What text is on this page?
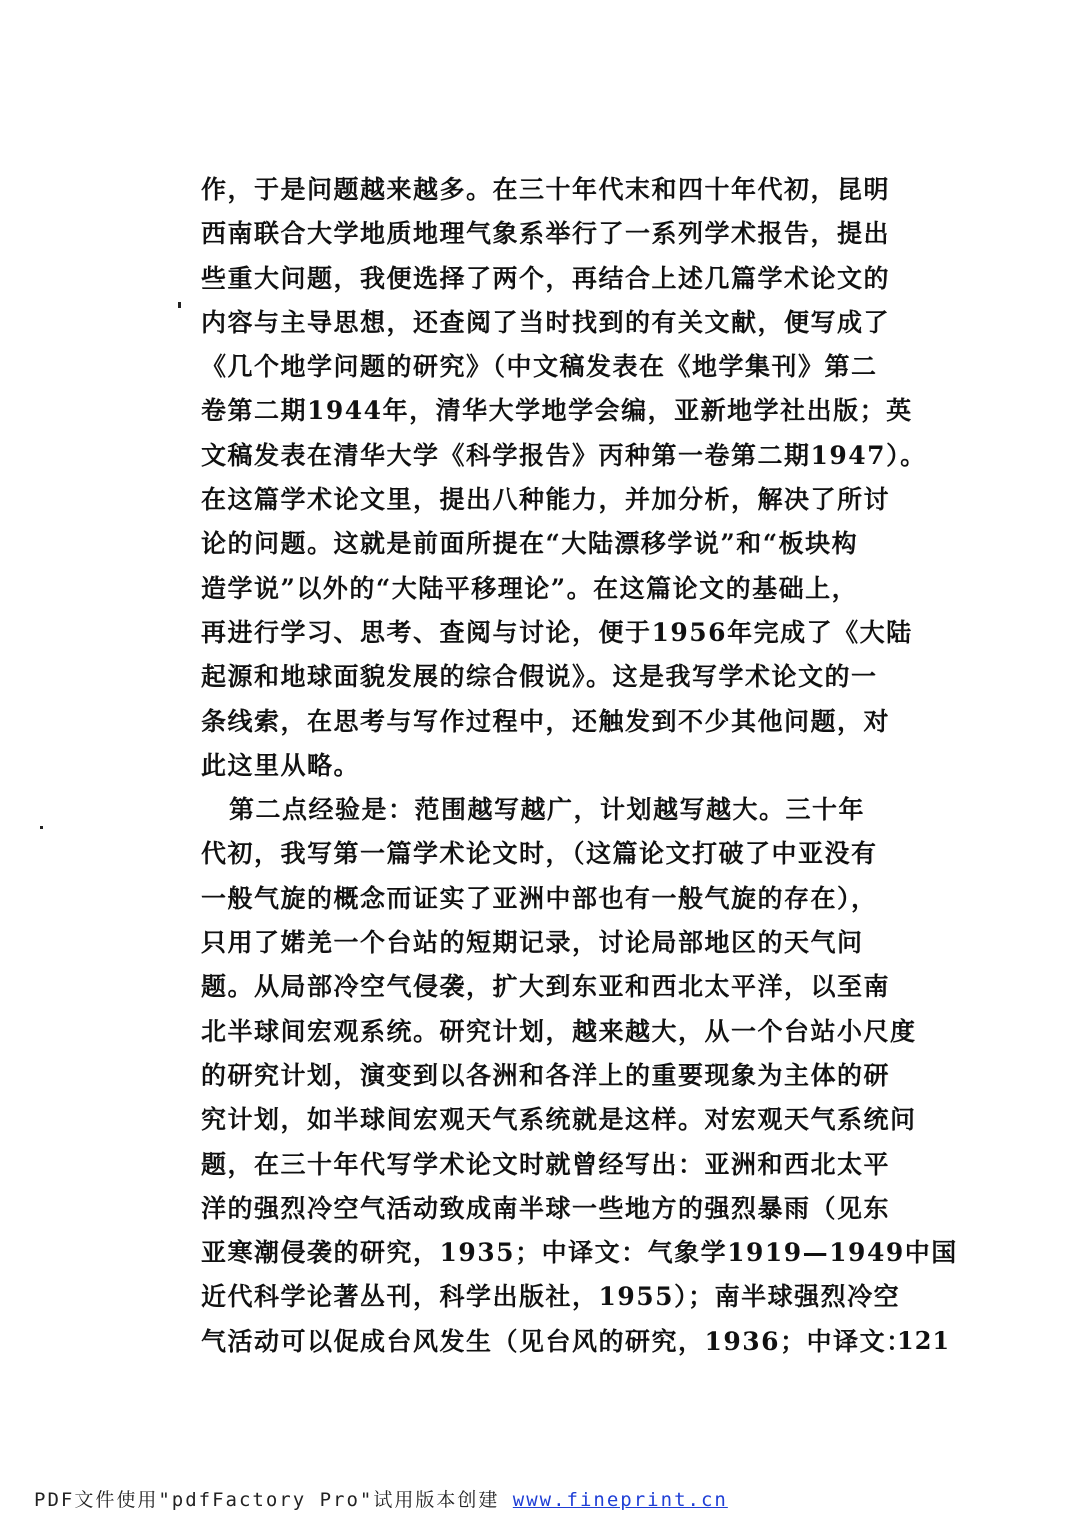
作，于是问题越来越多。在三十年代末和四十年代初，昆明
西南联合大学地质地理气象系举行了一系列学术报告，提出
些重大问题，我便选择了两个，再结合上述几篇学术论文的
内容与主导思想，还查阅了当时找到的有关文献，便写成了
《几个地学问题的研究》（中文稿发表在《地学集刊》第二
卷第二期1944年，清华大学地学会编，亚新地学社出版；英
文稿发表在清华大学《科学报告》丙种第一卷第二期1947）。
在这篇学术论文里，提出八种能力，并加分析，解决了所讨
论的问题。这就是前面所提在“大陆漂移学说”和“板块构
造学说”以外的“大陆平移理论”。在这篇论文的基础上，
再进行学习、思考、查阅与讨论，便于1956年完成了《大陆
起源和地球面貌发展的综合假说》。这是我写学术论文的一
条线索，在思考与写作过程中，还触发到不少其他问题，对
此这里从略。
第二点经验是：范围越写越广，计划越写越大。三十年
代初，我写第一篇学术论文时，（这篇论文打破了中亚没有
一般气旋的概念而证实了亚洲中部也有一般气旋的存在），
只用了婼羌一个台站的短期记录，讨论局部地区的天气问
题。从局部冷空气侵袭，扩大到东亚和西北太平洋，以至南
北半球间宏观系统。研究计划，越来越大，从一个台站小尺度
的研究计划，演变到以各洲和各洋上的重要现象为主体的研
究计划，如半球间宏观天气系统就是这样。对宏观天气系统问
题，在三十年代写学术论文时就曾经写出：亚洲和西北太平
洋的强烈冷空气活动致成南半球一些地方的强烈暴雨（见东
亚寒潮侵袭的研究，1935；中译文：气象学1919—1949中国
近代科学论著丛刊，科学出版社，1955）；南半球强烈冷空
气活动可以促成台风发生（见台风的研究，1936；中译文：
121
PDF文件使用"pdfFactory Pro"试用版本创建 www.fineprint.cn
